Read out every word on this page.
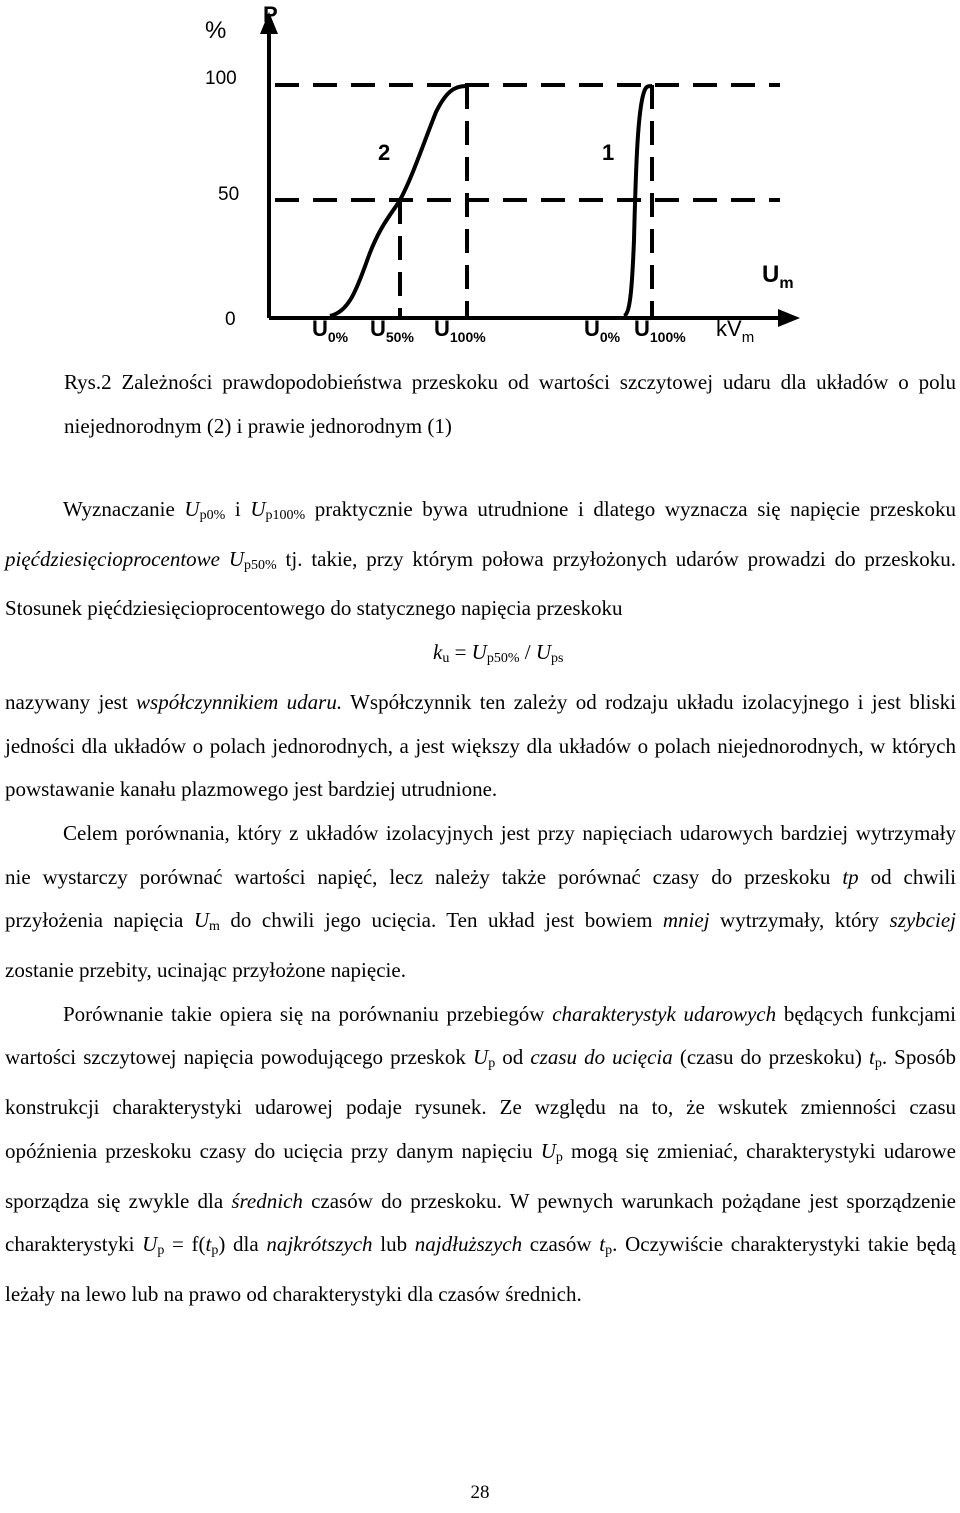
%
P
100
50
0
2	1
$U_m$
$U_{0\%}$ $U_{50\%}$ $U_{100\%}$	$U_{0\%}$ $U_{100\%}$ $kV_m$
Rys.2 Zależności prawdopodobieństwa przeskoku od wartości szczytowej udaru dla układów o polu niejednorodnym (2) i prawie jednorodnym (1)

Wyznaczanie $U_{p0\%}$ i $U_{p100\%}$ praktycznie bywa utrudnione i dlatego wyznacza się napięcie przeskoku pięćdziesięcioprocentowe $U_{p50\%}$ tj. takie, przy którym połowa przyłożonych udarów prowadzi do przeskoku. Stosunek pięćdziesięcioprocentowego do statycznego napięcia przeskoku

$k_u = U_{p50\%} / U_{ps}$

nazywany jest współczynnikiem udaru. Współczynnik ten zależy od rodzaju układu izolacyjnego i jest bliski jedności dla układów o polach jednorodnych, a jest większy dla układów o polach niejednorodnych, w których powstawanie kanału plazmowego jest bardziej utrudnione.

Celem porównania, który z układów izolacyjnych jest przy napięciach udarowych bardziej wytrzymały nie wystarczy porównać wartości napięć, lecz należy także porównać czasy do przeskoku tp od chwili przyłożenia napięcia $U_m$ do chwili jego ucięcia. Ten układ jest bowiem mniej wytrzymały, który szybciej zostanie przebity, ucinając przyłożone napięcie.

Porównanie takie opiera się na porównaniu przebiegów charakterystyk udarowych będących funkcjami wartości szczytowej napięcia powodującego przeskok $U_p$ od czasu do ucięcia (czasu do przeskoku) $t_p$. Sposób konstrukcji charakterystyki udarowej podaje rysunek. Ze względu na to, że wskutek zmienności czasu opóźnienia przeskoku czasy do ucięcia przy danym napięciu $U_p$ mogą się zmieniać, charakterystyki udarowe sporządza się zwykle dla średnich czasów do przeskoku. W pewnych warunkach pożądane jest sporządzenie charakterystyki $U_p = f(t_p)$ dla najkrótszych lub najdłuższych czasów $t_p$. Oczywiście charakterystyki takie będą leżały na lewo lub na prawo od charakterystyki dla czasów średnich.

28
